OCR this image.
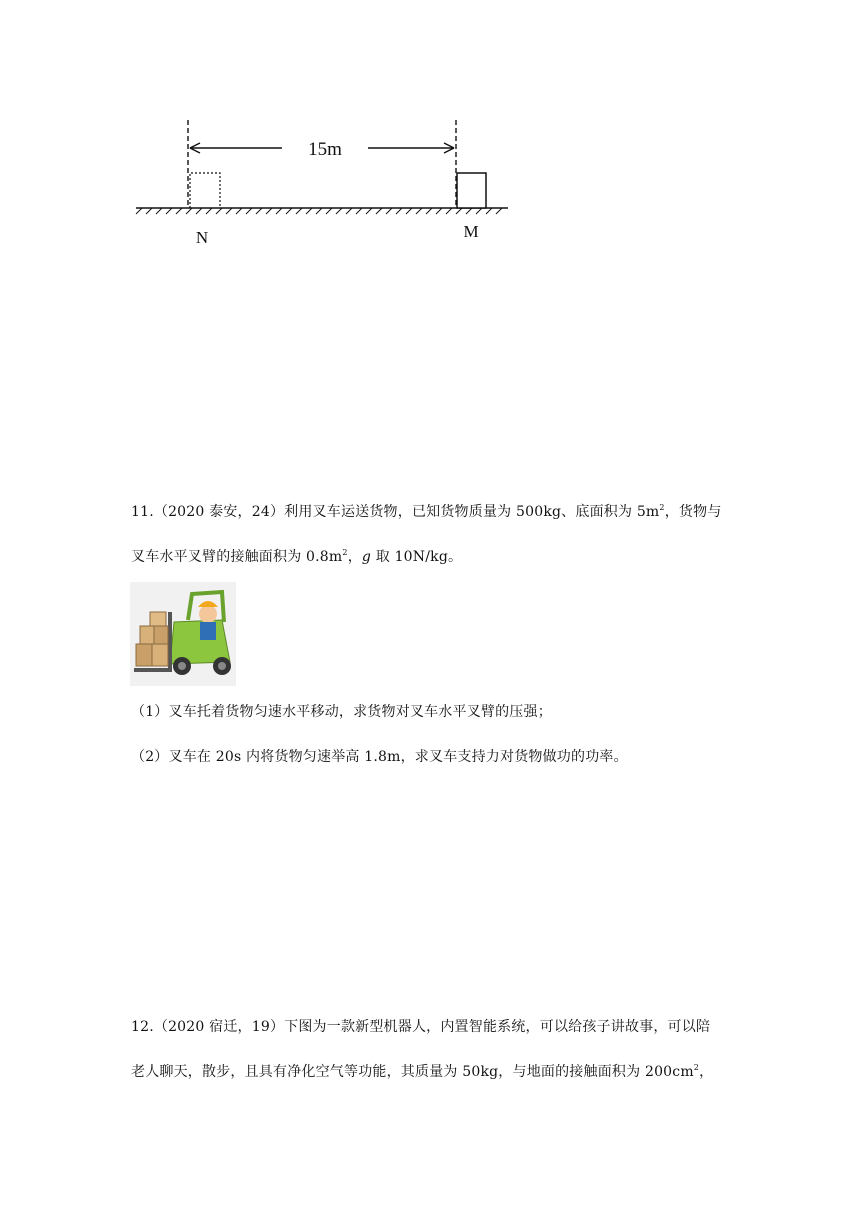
15m
N	M
11.（2020 泰安，24）利用叉车运送货物，已知货物质量为 500kg、底面积为 $5m^2$，货物与
叉车水平叉臂的接触面积为 $0.8m^2$，g 取 10N/kg。
（1）叉车托着货物匀速水平移动，求货物对叉车水平叉臂的压强；
（2）叉车在 20s 内将货物匀速举高 1.8m，求叉车支持力对货物做功的功率。
12.（2020 宿迁，19）下图为一款新型机器人，内置智能系统，可以给孩子讲故事，可以陪
老人聊天，散步，且具有净化空气等功能，其质量为 50kg，与地面的接触面积为 $200cm^2$，
